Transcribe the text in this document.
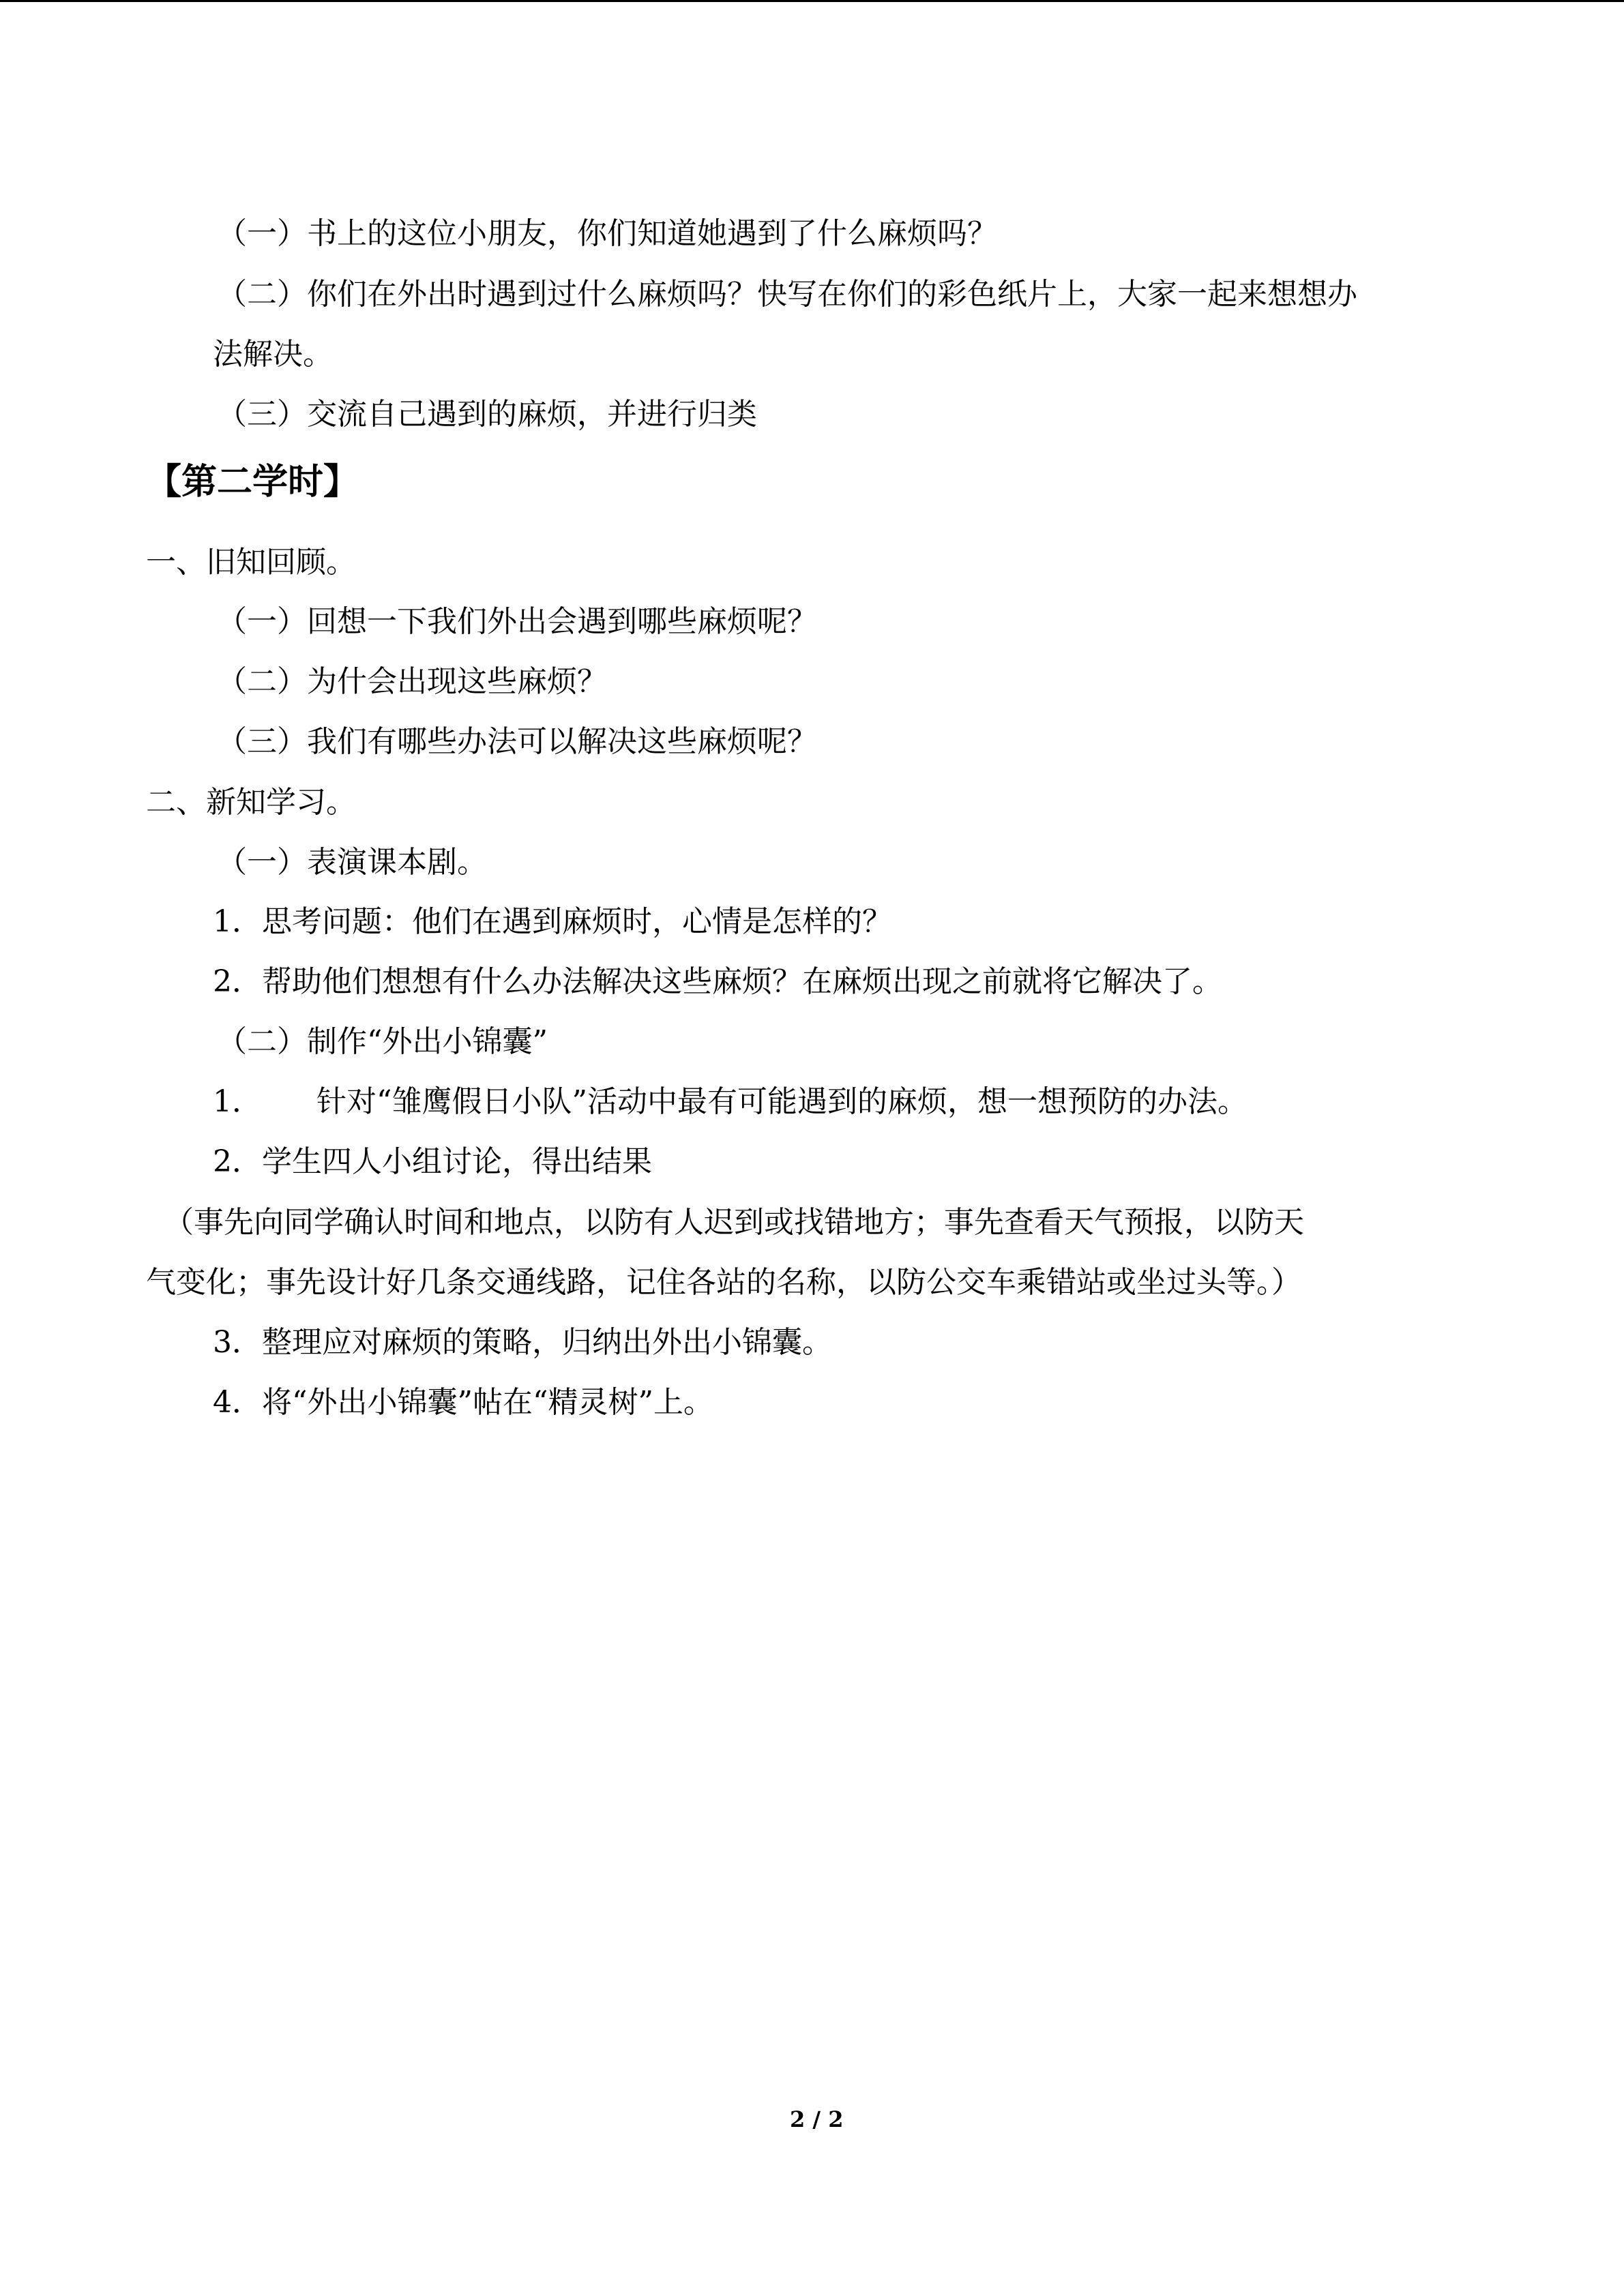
（一）书上的这位小朋友，你们知道她遇到了什么麻烦吗？
（二）你们在外出时遇到过什么麻烦吗？快写在你们的彩色纸片上，大家一起来想想办
法解决。
（三）交流自己遇到的麻烦，并进行归类
【第二学时】
一、旧知回顾。
（一）回想一下我们外出会遇到哪些麻烦呢？
（二）为什会出现这些麻烦？
（三）我们有哪些办法可以解决这些麻烦呢？
二、新知学习。
（一）表演课本剧。
1．思考问题：他们在遇到麻烦时，心情是怎样的？
2．帮助他们想想有什么办法解决这些麻烦？在麻烦出现之前就将它解决了。
（二）制作“外出小锦囊”
1． 针对“雏鹰假日小队”活动中最有可能遇到的麻烦，想一想预防的办法。
2．学生四人小组讨论，得出结果
（事先向同学确认时间和地点，以防有人迟到或找错地方；事先查看天气预报，以防天
气变化；事先设计好几条交通线路，记住各站的名称，以防公交车乘错站或坐过头等。）
3．整理应对麻烦的策略，归纳出外出小锦囊。
4．将“外出小锦囊”帖在“精灵树”上。
2 / 2
